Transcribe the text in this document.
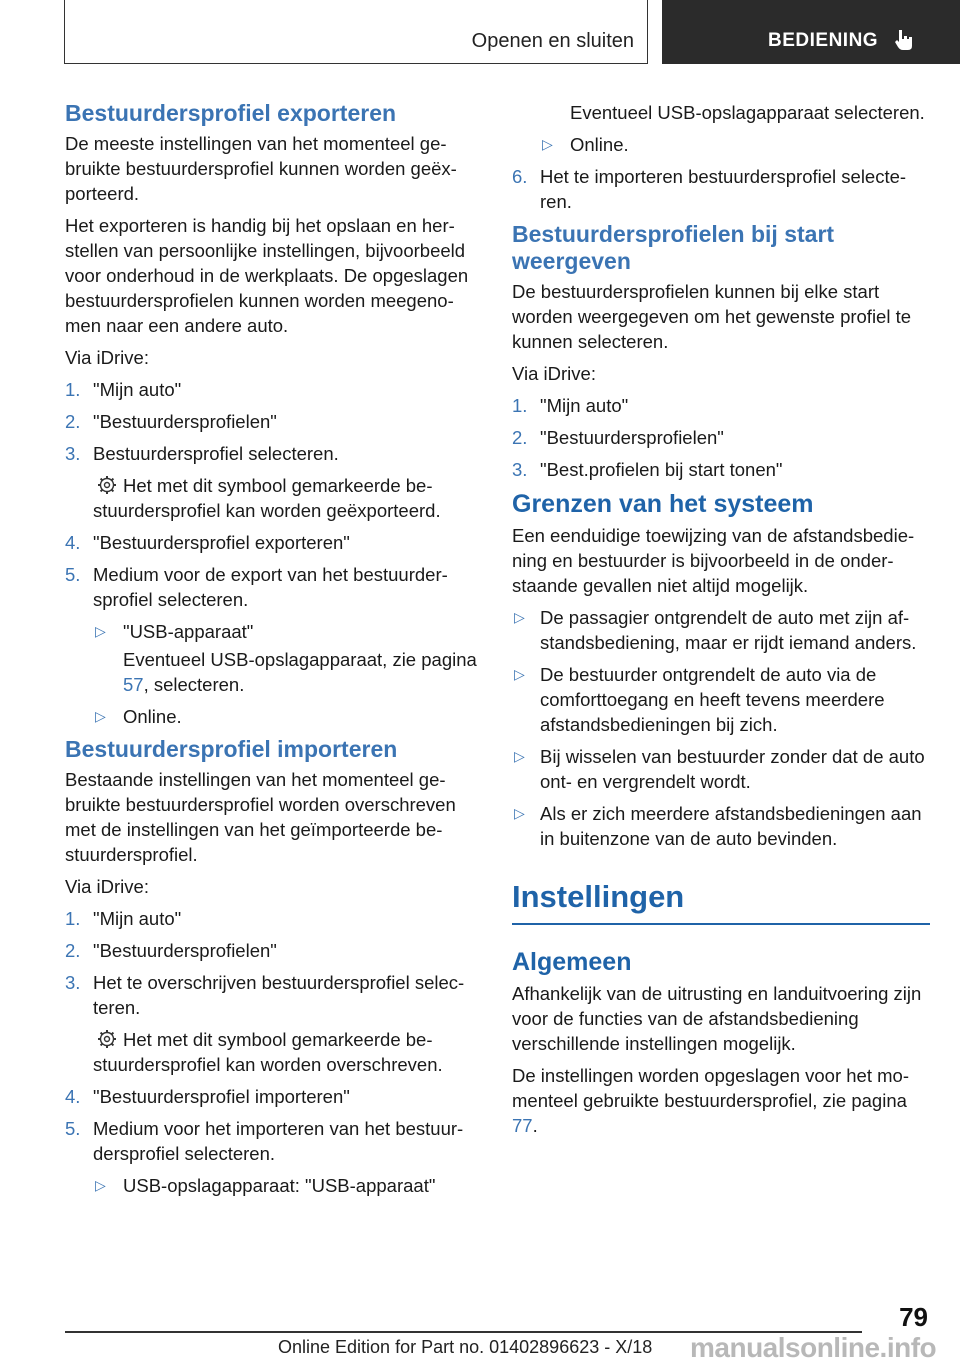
Openen en sluiten	BEDIENING
Bestuurdersprofiel exporteren

De meeste instellingen van het momenteel gebruikte bestuurdersprofiel kunnen worden geëxporteerd.

Het exporteren is handig bij het opslaan en herstellen van persoonlijke instellingen, bijvoorbeeld voor onderhoud in de werkplaats. De opgeslagen bestuurdersprofielen kunnen worden meegenomen naar een andere auto.

Via iDrive:

1. "Mijn auto"
2. "Bestuurdersprofielen"
3. Bestuurdersprofiel selecteren.

Het met dit symbool gemarkeerde bestuurdersprofiel kan worden geëxporteerd.

4. "Bestuurdersprofiel exporteren"
5. Medium voor de export van het bestuurdersprofiel selecteren.
▷ "USB-apparaat"

Eventueel USB-opslagapparaat, zie pagina 57, selecteren.

▷ Online.
Bestuurdersprofiel importeren

Bestaande instellingen van het momenteel gebruikte bestuurdersprofiel worden overschreven met de instellingen van het geïmporteerde bestuurdersprofiel.

Via iDrive:

1. "Mijn auto"
2. "Bestuurdersprofielen"
3. Het te overschrijven bestuurdersprofiel selecteren.

Het met dit symbool gemarkeerde bestuurdersprofiel kan worden overschreven.

4. "Bestuurdersprofiel importeren"
5. Medium voor het importeren van het bestuurdersprofiel selecteren.
▷ USB-opslagapparaat: "USB-apparaat"

Eventueel USB-opslagapparaat selecteren.

▷ Online.
6. Het te importeren bestuurdersprofiel selecteren.
Bestuurdersprofielen bij start weergeven

De bestuurdersprofielen kunnen bij elke start worden weergegeven om het gewenste profiel te kunnen selecteren.

Via iDrive:

1. "Mijn auto"
2. "Bestuurdersprofielen"
3. "Best.profielen bij start tonen"
Grenzen van het systeem

Een eenduidige toewijzing van de afstandsbediening en bestuurder is bijvoorbeeld in de onderstaande gevallen niet altijd mogelijk.

▷ De passagier ontgrendelt de auto met zijn afstandsbediening, maar er rijdt iemand anders.
▷ De bestuurder ontgrendelt de auto via de comforttoegang en heeft tevens meerdere afstandsbedieningen bij zich.
▷ Bij wisselen van bestuurder zonder dat de auto ont- en vergrendelt wordt.
▷ Als er zich meerdere afstandsbedieningen aan in buitenzone van de auto bevinden.
Instellingen
Algemeen

Afhankelijk van de uitrusting en landuitvoering zijn voor de functies van de afstandsbediening verschillende instellingen mogelijk.

De instellingen worden opgeslagen voor het momenteel gebruikte bestuurdersprofiel, zie pagina 77.

79
Online Edition for Part no. 01402896623 - X/18 manualsonline.info
